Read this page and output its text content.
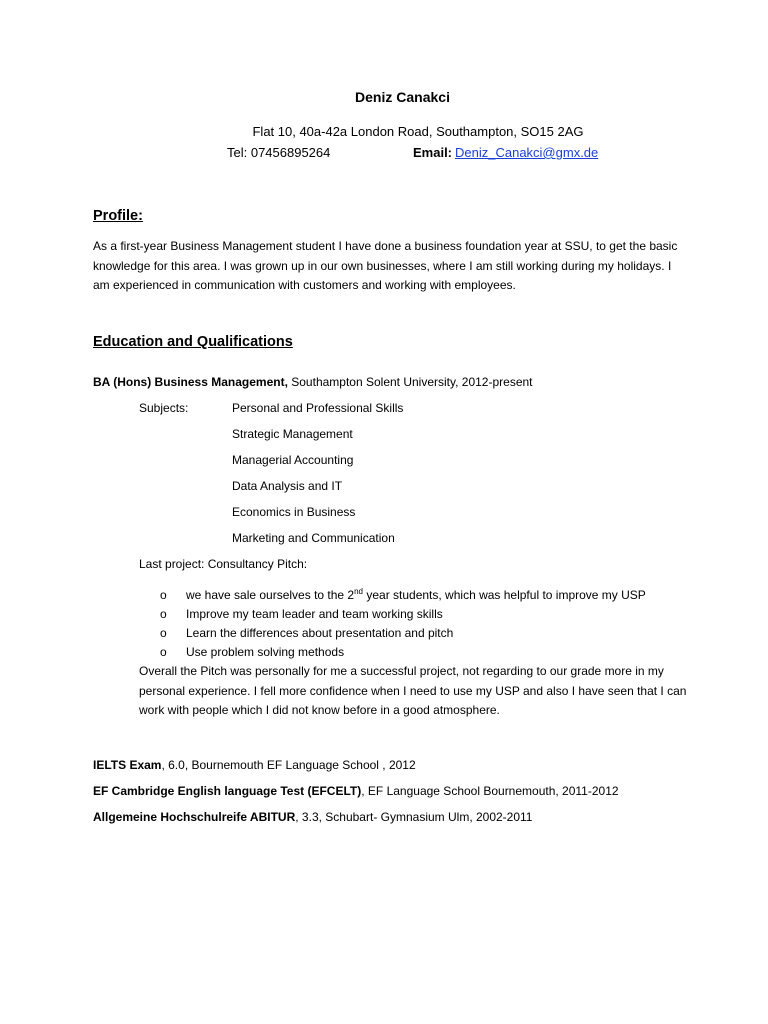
Deniz Canakci
Flat 10, 40a-42a London Road, Southampton, SO15 2AG
Tel: 07456895264	Email: Deniz_Canakci@gmx.de
Profile:

As a first-year Business Management student I have done a business foundation year at SSU, to get the basic

knowledge for this area. I was grown up in our own businesses, where I am still working during my holidays. I

am experienced in communication with customers and working with employees.

Education and Qualifications
BA (Hons) Business Management, Southampton Solent University, 2012-present
Subjects:	Personal and Professional Skills
Strategic Management
Managerial Accounting
Data Analysis and IT
Economics in Business
Marketing and Communication
Last project: Consultancy Pitch:
o we have sale ourselves to the 2nd year students, which was helpful to improve my USP
o Improve my team leader and team working skills
o Learn the differences about presentation and pitch
o Use problem solving methods

Overall the Pitch was personally for me a successful project, not regarding to our grade more in my

personal experience. I fell more confidence when I need to use my USP and also I have seen that I can

work with people which I did not know before in a good atmosphere.

IELTS Exam, 6.0, Bournemouth EF Language School , 2012
EF Cambridge English language Test (EFCELT), EF Language School Bournemouth, 2011-2012
Allgemeine Hochschulreife ABITUR, 3.3, Schubart- Gymnasium Ulm, 2002-2011
